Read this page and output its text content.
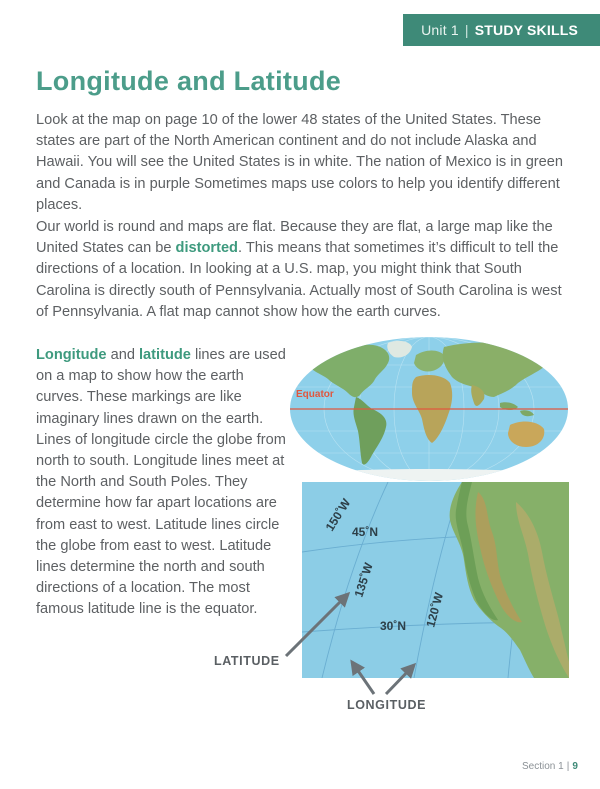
Unit 1 | STUDY SKILLS
Longitude and Latitude

Look at the map on page 10 of the lower 48 states of the United States. These states are part of the North American continent and do not include Alaska and Hawaii. You will see the United States is in white. The nation of Mexico is in green and Canada is in purple Sometimes maps use colors to help you identify different places.

Our world is round and maps are flat. Because they are flat, a large map like the United States can be distorted. This means that sometimes it’s difficult to tell the directions of a location. In looking at a U.S. map, you might think that South Carolina is directly south of Pennsylvania. Actually most of South Carolina is west of Pennsylvania. A flat map cannot show how the earth curves.

Longitude and latitude lines are used on a map to show how the earth curves. These markings are like imaginary lines drawn on the earth. Lines of longitude circle the globe from north to south. Longitude lines meet at the North and South Poles. They determine how far apart locations are from east to west. Latitude lines circle the globe from east to west. Latitude lines determine the north and south directions of a location. The most famous latitude line is the equator.

Equator
150˚W
45˚N
135˚W
30˚N 120˚W
LATITUDE
LONGITUDE
Section 1 | 9
